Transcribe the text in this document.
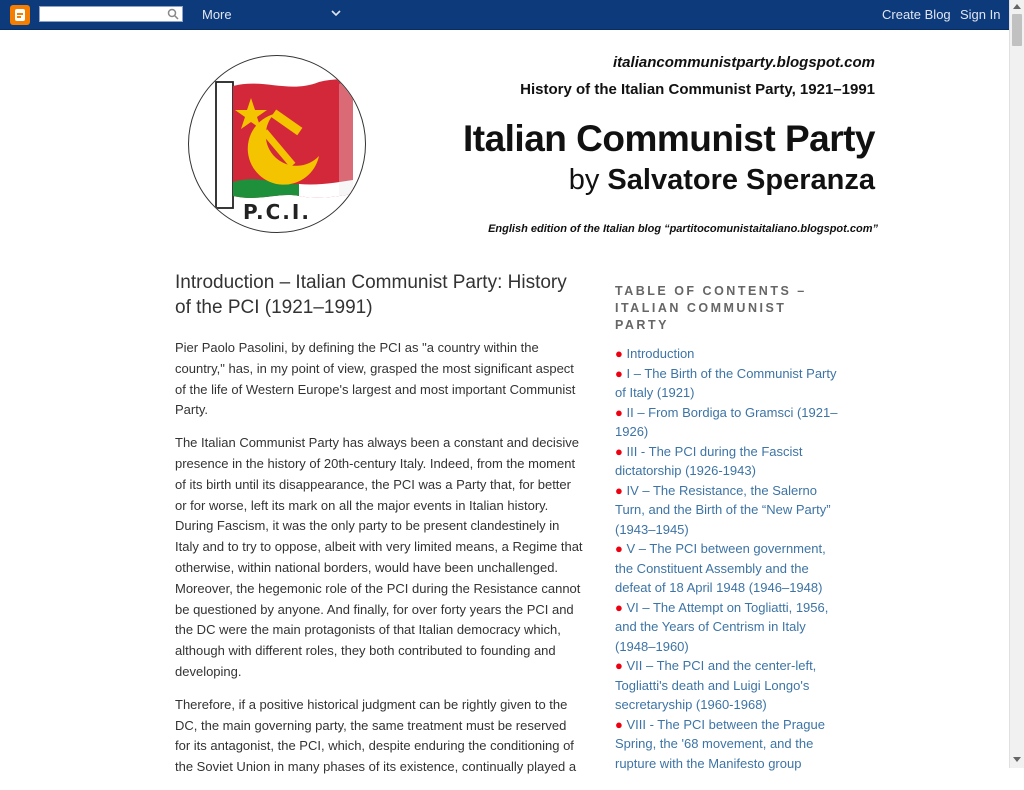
More	Create Blog Sign In
P.C.I.
italiancommunistparty.blogspot.com
History of the Italian Communist Party, 1921–1991
Italian Communist Party
by Salvatore Speranza
English edition of the Italian blog “partitocomunistaitaliano.blogspot.com”
Introduction – Italian Communist Party: History of the PCI (1921–1991)

Pier Paolo Pasolini, by defining the PCI as "a country within the country," has, in my point of view, grasped the most significant aspect of the life of Western Europe's largest and most important Communist Party.

The Italian Communist Party has always been a constant and decisive presence in the history of 20th-century Italy. Indeed, from the moment of its birth until its disappearance, the PCI was a Party that, for better or for worse, left its mark on all the major events in Italian history. During Fascism, it was the only party to be present clandestinely in Italy and to try to oppose, albeit with very limited means, a Regime that otherwise, within national borders, would have been unchallenged. Moreover, the hegemonic role of the PCI during the Resistance cannot be questioned by anyone. And finally, for over forty years the PCI and the DC were the main protagonists of that Italian democracy which, although with different roles, they both contributed to founding and developing.

Therefore, if a positive historical judgment can be rightly given to the DC, the main governing party, the same treatment must be reserved for its antagonist, the PCI, which, despite enduring the conditioning of the Soviet Union in many phases of its existence, continually played a

TABLE OF CONTENTS – ITALIAN COMMUNIST PARTY
● Introduction
● I – The Birth of the Communist Party of Italy (1921)
● II – From Bordiga to Gramsci (1921–1926)
● III - The PCI during the Fascist dictatorship (1926-1943)
● IV – The Resistance, the Salerno Turn, and the Birth of the “New Party” (1943–1945)
● V – The PCI between government, the Constituent Assembly and the defeat of 18 April 1948 (1946–1948)
● VI – The Attempt on Togliatti, 1956, and the Years of Centrism in Italy (1948–1960)
● VII – The PCI and the center-left, Togliatti's death and Luigi Longo's secretaryship (1960-1968)
● VIII - The PCI between the Prague Spring, the '68 movement, and the rupture with the Manifesto group
